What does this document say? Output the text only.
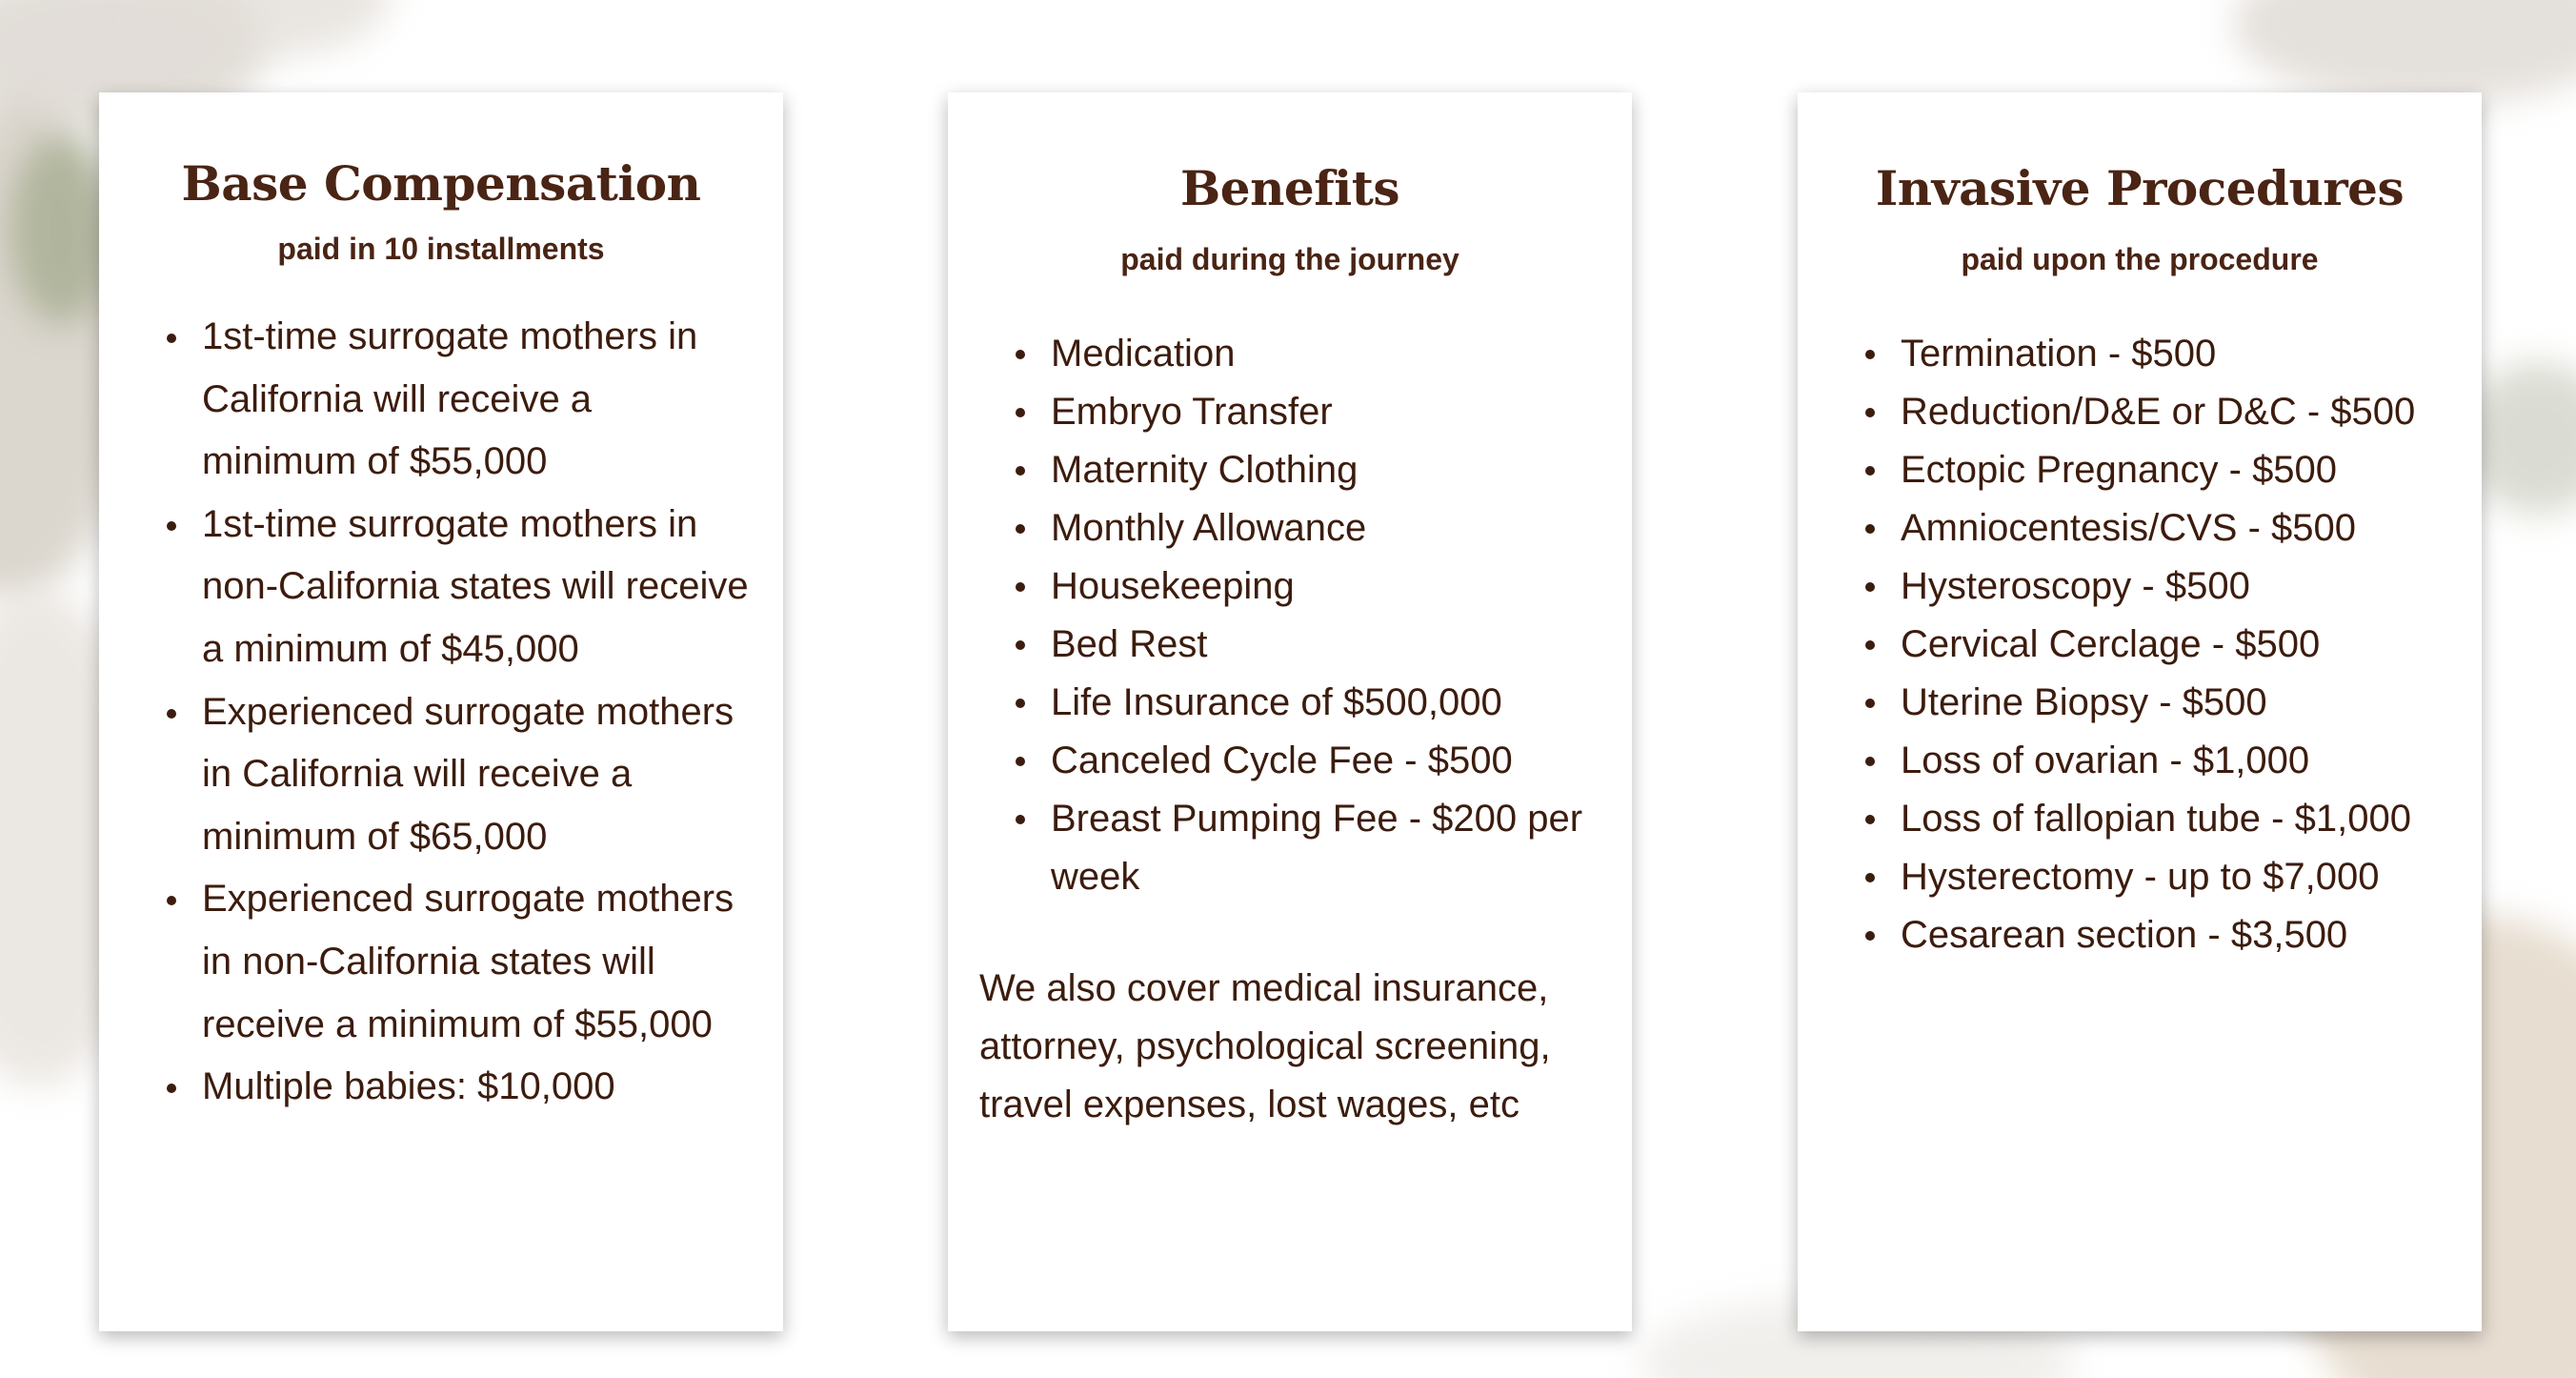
Base Compensation

paid in 10 installments

1st-time surrogate mothers in California will receive a minimum of $55,000
1st-time surrogate mothers in non-California states will receive a minimum of $45,000
Experienced surrogate mothers in California will receive a minimum of $65,000
Experienced surrogate mothers in non-California states will receive a minimum of $55,000
Multiple babies: $10,000
Benefits

paid during the journey

Medication
Embryo Transfer
Maternity Clothing
Monthly Allowance
Housekeeping
Bed Rest
Life Insurance of $500,000
Canceled Cycle Fee - $500
Breast Pumping Fee - $200 per week

We also cover medical insurance, attorney, psychological screening, travel expenses, lost wages, etc

Invasive Procedures

paid upon the procedure

Termination - $500
Reduction/D&E or D&C - $500
Ectopic Pregnancy - $500
Amniocentesis/CVS - $500
Hysteroscopy - $500
Cervical Cerclage - $500
Uterine Biopsy - $500
Loss of ovarian - $1,000
Loss of fallopian tube - $1,000
Hysterectomy - up to $7,000
Cesarean section - $3,500
